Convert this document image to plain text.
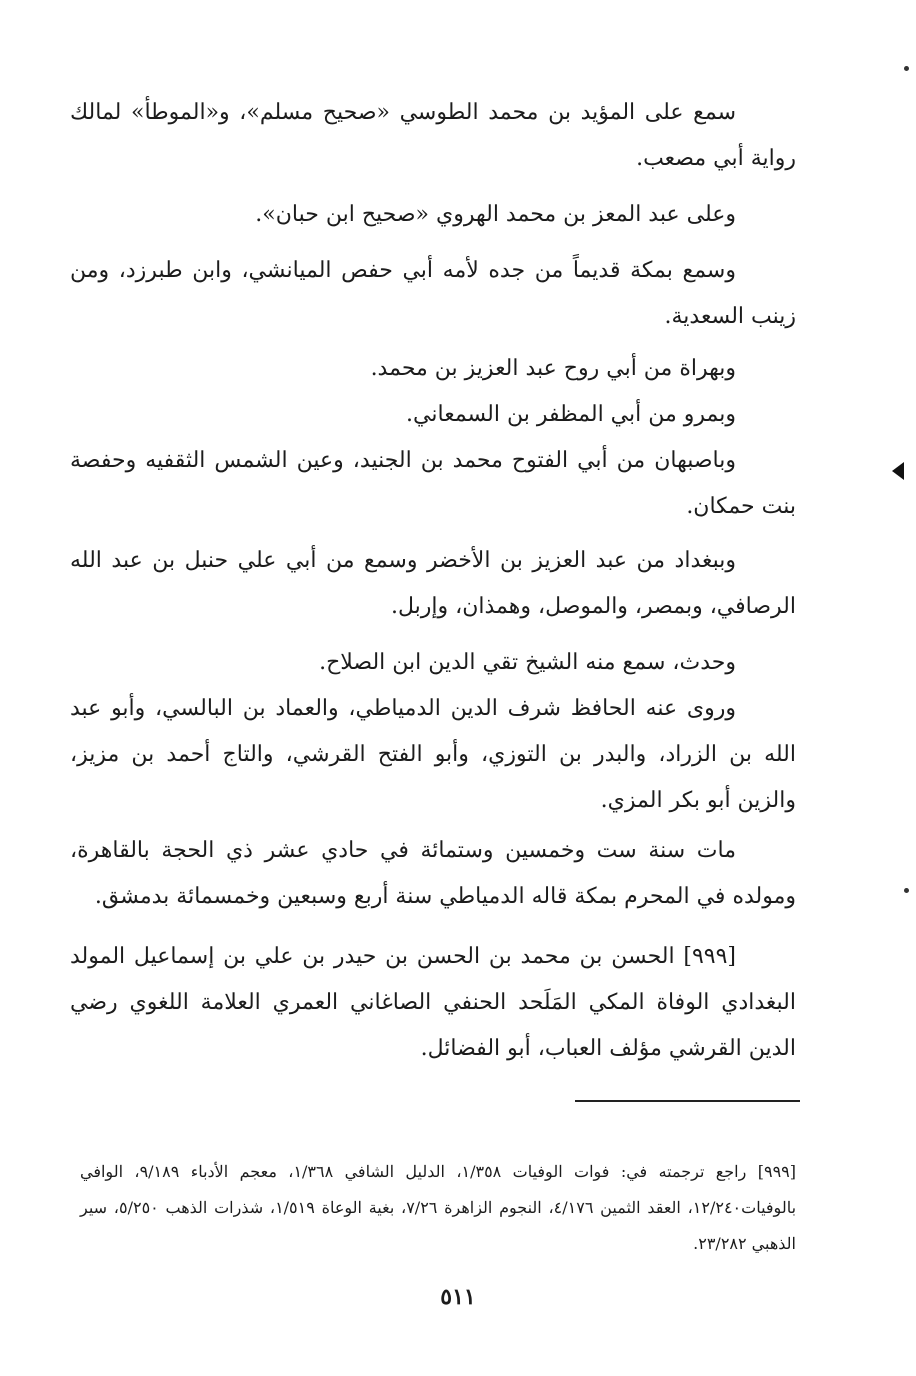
سمع على المؤيد بن محمد الطوسي «صحيح مسلم»، و«الموطأ» لمالك رواية أبي مصعب.

وعلى عبد المعز بن محمد الهروي «صحيح ابن حبان».

وسمع بمكة قديماً من جده لأمه أبي حفص الميانشي، وابن طبرزد، ومن زينب السعدية.

وبهراة من أبي روح عبد العزيز بن محمد.

وبمرو من أبي المظفر بن السمعاني.

وباصبهان من أبي الفتوح محمد بن الجنيد، وعين الشمس الثقفيه وحفصة بنت حمكان.

وببغداد من عبد العزيز بن الأخضر وسمع من أبي علي حنبل بن عبد الله الرصافي، وبمصر، والموصل، وهمذان، وإربل.

وحدث، سمع منه الشيخ تقي الدين ابن الصلاح.

وروى عنه الحافظ شرف الدين الدمياطي، والعماد بن البالسي، وأبو عبد الله بن الزراد، والبدر بن التوزي، وأبو الفتح القرشي، والتاج أحمد بن مزيز، والزين أبو بكر المزي.

مات سنة ست وخمسين وستمائة في حادي عشر ذي الحجة بالقاهرة، ومولده في المحرم بمكة قاله الدمياطي سنة أربع وسبعين وخمسمائة بدمشق.

[٩٩٩] الحسن بن محمد بن الحسن بن حيدر بن علي بن إسماعيل المولد البغدادي الوفاة المكي المَلَحد الحنفي الصاغاني العمري العلامة اللغوي رضي الدين القرشي مؤلف العباب، أبو الفضائل.

[٩٩٩] راجع ترجمته في: فوات الوفيات ١/٣٥٨، الدليل الشافي ١/٣٦٨، معجم الأدباء ٩/١٨٩، الوافي بالوفيات١٢/٢٤٠، العقد الثمين ٤/١٧٦، النجوم الزاهرة ٧/٢٦، بغية الوعاة ١/٥١٩، شذرات الذهب ٥/٢٥٠، سير الذهبي ٢٣/٢٨٢.
٥١١
